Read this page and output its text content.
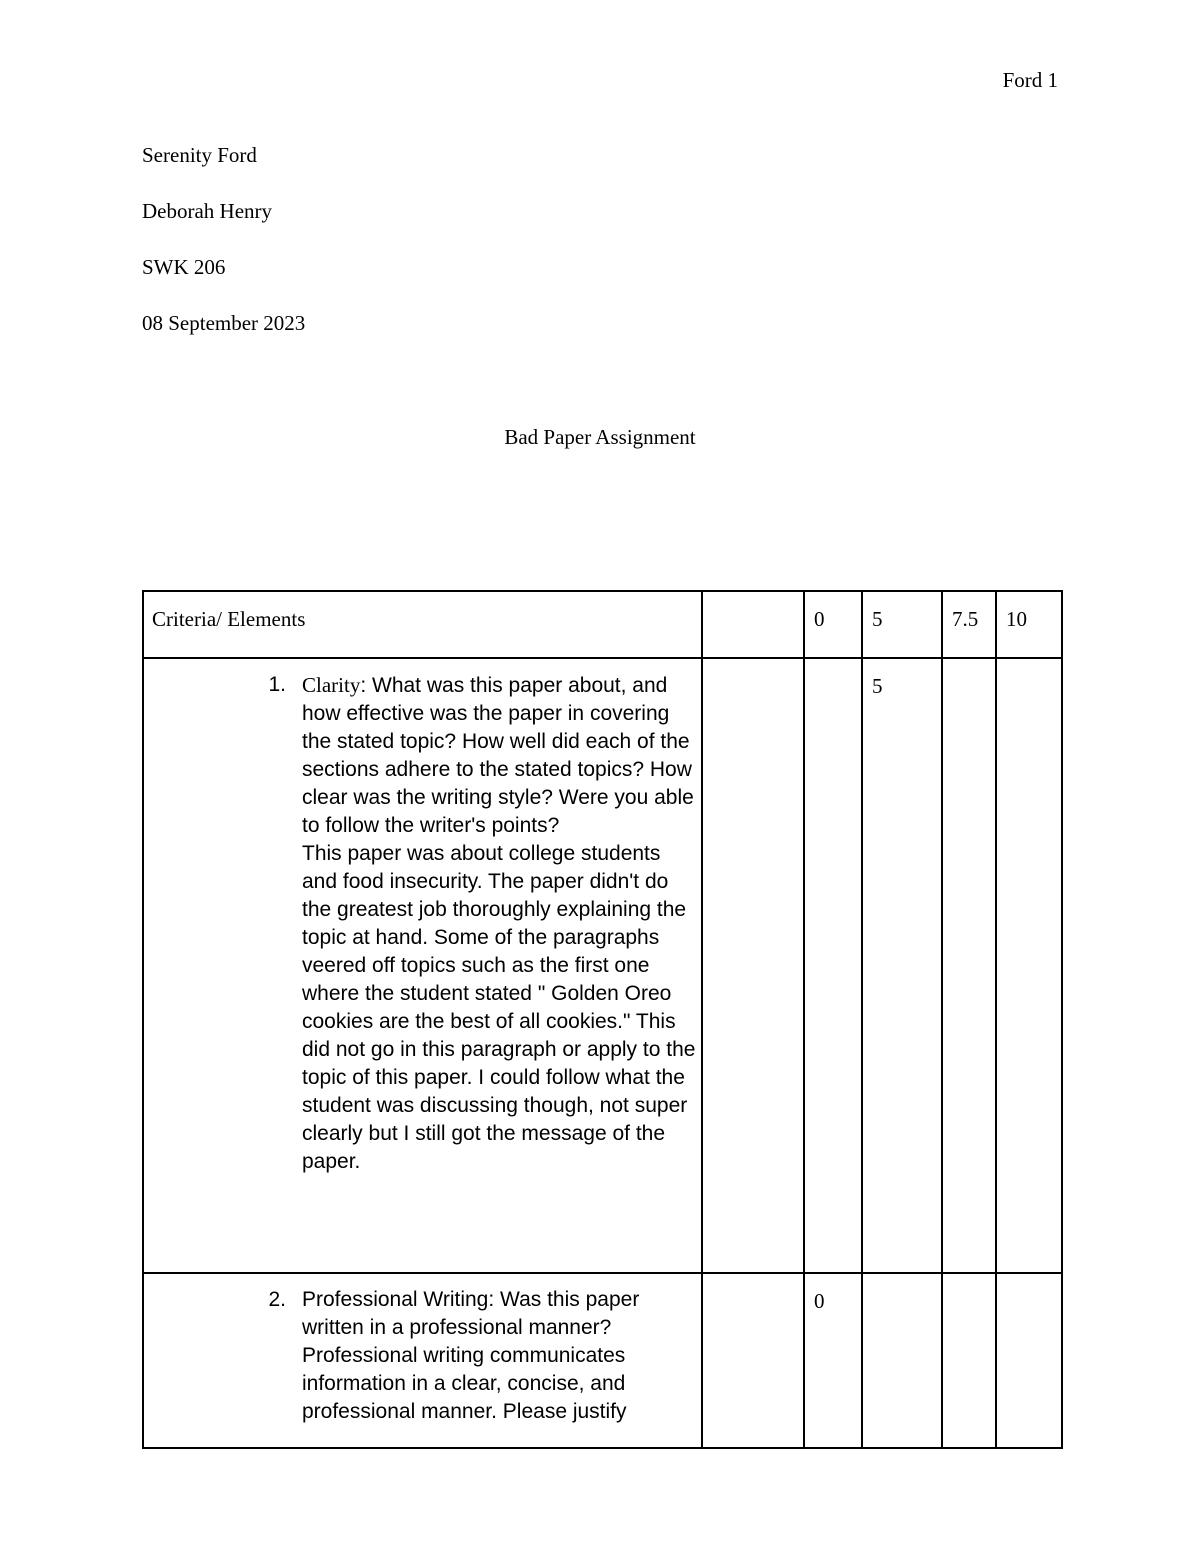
Ford 1
Serenity Ford
Deborah Henry
SWK 206
08 September 2023
Bad Paper Assignment
Criteria/ Elements		0	5	7.5	10

1. Clarity: What was this paper about, and how effective was the paper in covering the stated topic? How well did each of the sections adhere to the stated topics? How clear was the writing style? Were you able to follow the writer's points?

This paper was about college students and food insecurity. The paper didn't do the greatest job thoroughly explaining the topic at hand. Some of the paragraphs veered off topics such as the first one where the student stated " Golden Oreo cookies are the best of all cookies." This did not go in this paragraph or apply to the topic of this paper. I could follow what the student was discussing though, not super clearly but I still got the message of the paper.			5		

2. Professional Writing: Was this paper written in a professional manner? Professional writing communicates information in a clear, concise, and professional manner. Please justify		0			
